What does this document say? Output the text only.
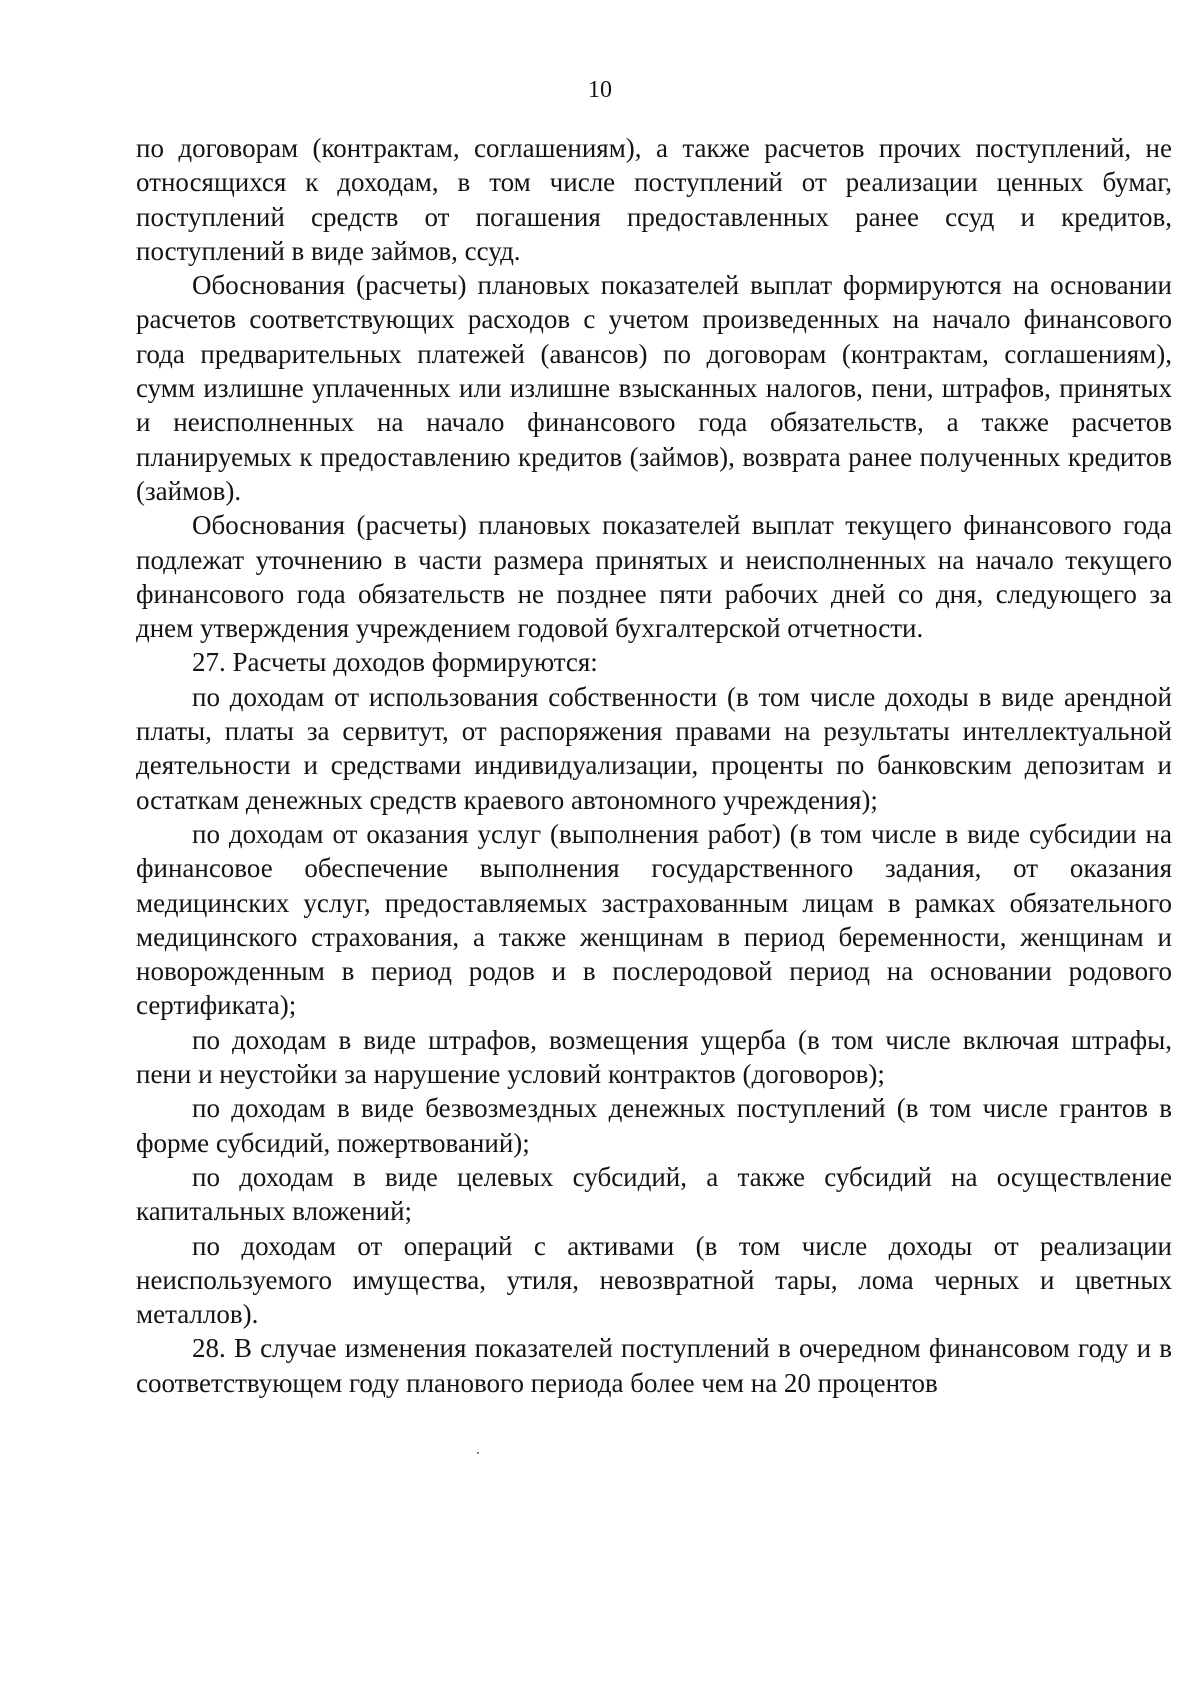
10

по договорам (контрактам, соглашениям), а также расчетов прочих поступлений, не относящихся к доходам, в том числе поступлений от реализации ценных бумаг, поступлений средств от погашения предоставленных ранее ссуд и кредитов, поступлений в виде займов, ссуд.

Обоснования (расчеты) плановых показателей выплат формируются на основании расчетов соответствующих расходов с учетом произведенных на начало финансового года предварительных платежей (авансов) по договорам (контрактам, соглашениям), сумм излишне уплаченных или излишне взысканных налогов, пени, штрафов, принятых и неисполненных на начало финансового года обязательств, а также расчетов планируемых к предоставлению кредитов (займов), возврата ранее полученных кредитов (займов).

Обоснования (расчеты) плановых показателей выплат текущего финансового года подлежат уточнению в части размера принятых и неисполненных на начало текущего финансового года обязательств не позднее пяти рабочих дней со дня, следующего за днем утверждения учреждением годовой бухгалтерской отчетности.

27. Расчеты доходов формируются:

по доходам от использования собственности (в том числе доходы в виде арендной платы, платы за сервитут, от распоряжения правами на результаты интеллектуальной деятельности и средствами индивидуализации, проценты по банковским депозитам и остаткам денежных средств краевого автономного учреждения);

по доходам от оказания услуг (выполнения работ) (в том числе в виде субсидии на финансовое обеспечение выполнения государственного задания, от оказания медицинских услуг, предоставляемых застрахованным лицам в рамках обязательного медицинского страхования, а также женщинам в период беременности, женщинам и новорожденным в период родов и в послеродовой период на основании родового сертификата);

по доходам в виде штрафов, возмещения ущерба (в том числе включая штрафы, пени и неустойки за нарушение условий контрактов (договоров);

по доходам в виде безвозмездных денежных поступлений (в том числе грантов в форме субсидий, пожертвований);

по доходам в виде целевых субсидий, а также субсидий на осуществление капитальных вложений;

по доходам от операций с активами (в том числе доходы от реализации неиспользуемого имущества, утиля, невозвратной тары, лома черных и цветных металлов).

28. В случае изменения показателей поступлений в очередном финансовом году и в соответствующем году планового периода более чем на 20 процентов
